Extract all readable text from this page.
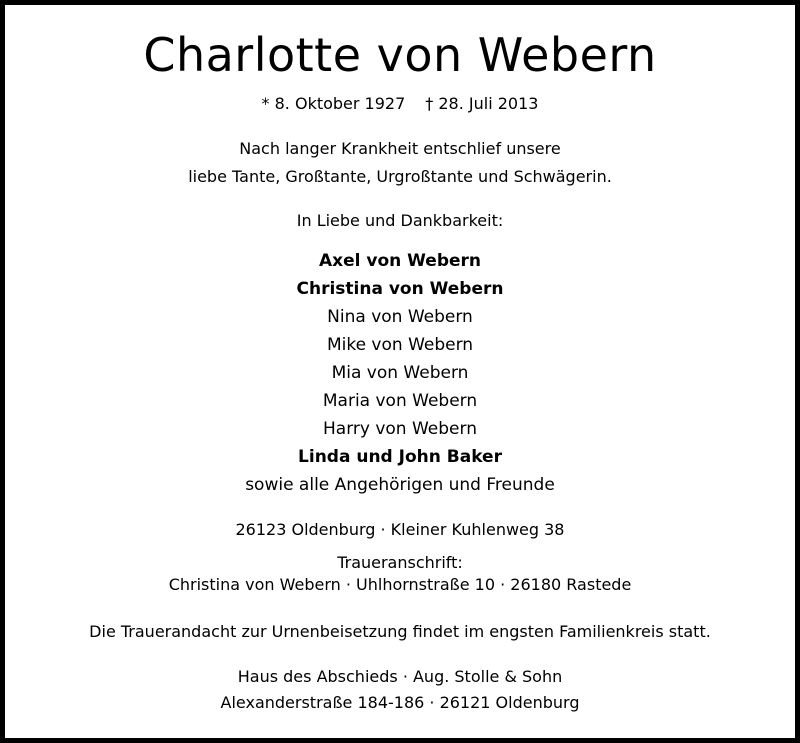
Charlotte von Webern
* 8. Oktober 1927 † 28. Juli 2013
Nach langer Krankheit entschlief unsere
liebe Tante, Großtante, Urgroßtante und Schwägerin.
In Liebe und Dankbarkeit:
Axel von Webern
Christina von Webern
Nina von Webern
Mike von Webern
Mia von Webern
Maria von Webern
Harry von Webern
Linda und John Baker
sowie alle Angehörigen und Freunde
26123 Oldenburg · Kleiner Kuhlenweg 38
Traueranschrift:
Christina von Webern · Uhlhornstraße 10 · 26180 Rastede
Die Trauerandacht zur Urnenbeisetzung findet im engsten Familienkreis statt.
Haus des Abschieds · Aug. Stolle & Sohn
Alexanderstraße 184-186 · 26121 Oldenburg
